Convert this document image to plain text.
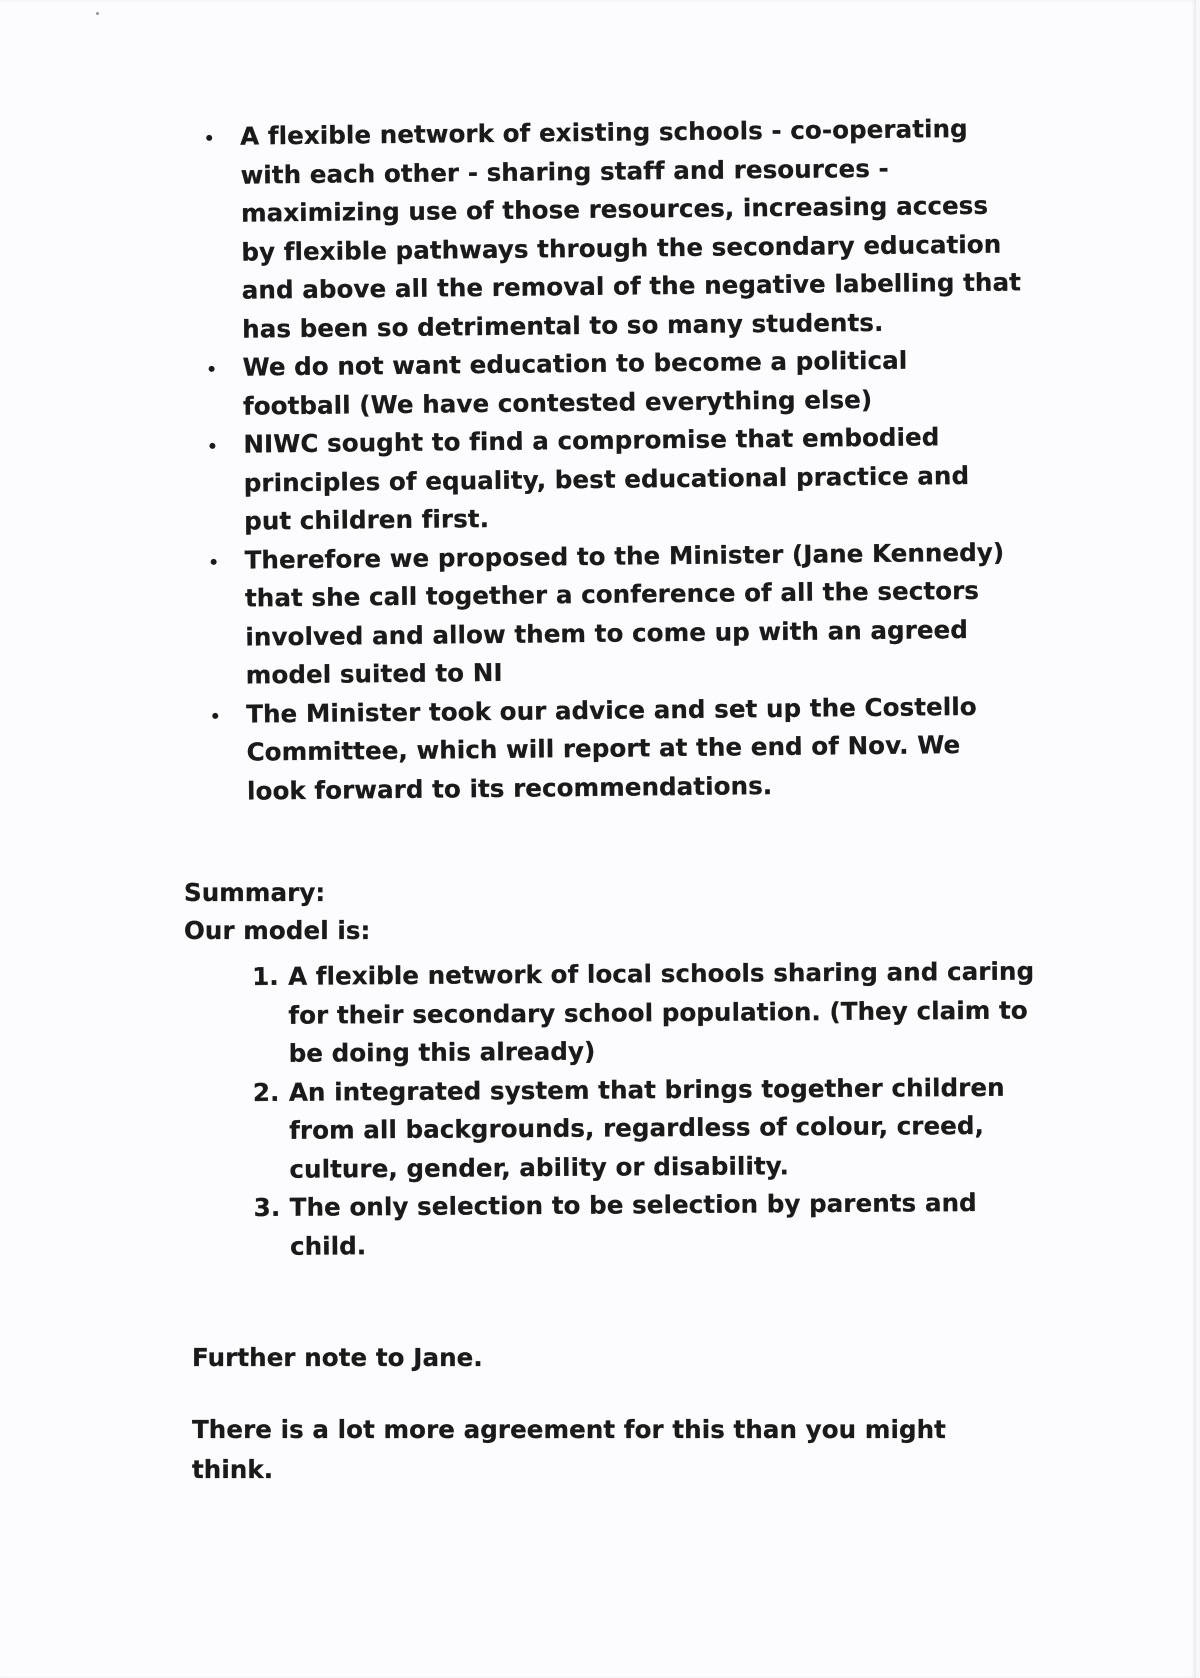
A flexible network of existing schools - co-operating with each other - sharing staff and resources - maximizing use of those resources, increasing access by flexible pathways through the secondary education and above all the removal of the negative labelling that has been so detrimental to so many students.
We do not want education to become a political football (We have contested everything else)
NIWC sought to find a compromise that embodied principles of equality, best educational practice and put children first.
Therefore we proposed to the Minister (Jane Kennedy) that she call together a conference of all the sectors involved and allow them to come up with an agreed model suited to NI
The Minister took our advice and set up the Costello Committee, which will report at the end of Nov. We look forward to its recommendations.

Summary:

Our model is:

1. A flexible network of local schools sharing and caring for their secondary school population. (They claim to be doing this already)
2. An integrated system that brings together children from all backgrounds, regardless of colour, creed, culture, gender, ability or disability.
3. The only selection to be selection by parents and child.

Further note to Jane.

There is a lot more agreement for this than you might think.
